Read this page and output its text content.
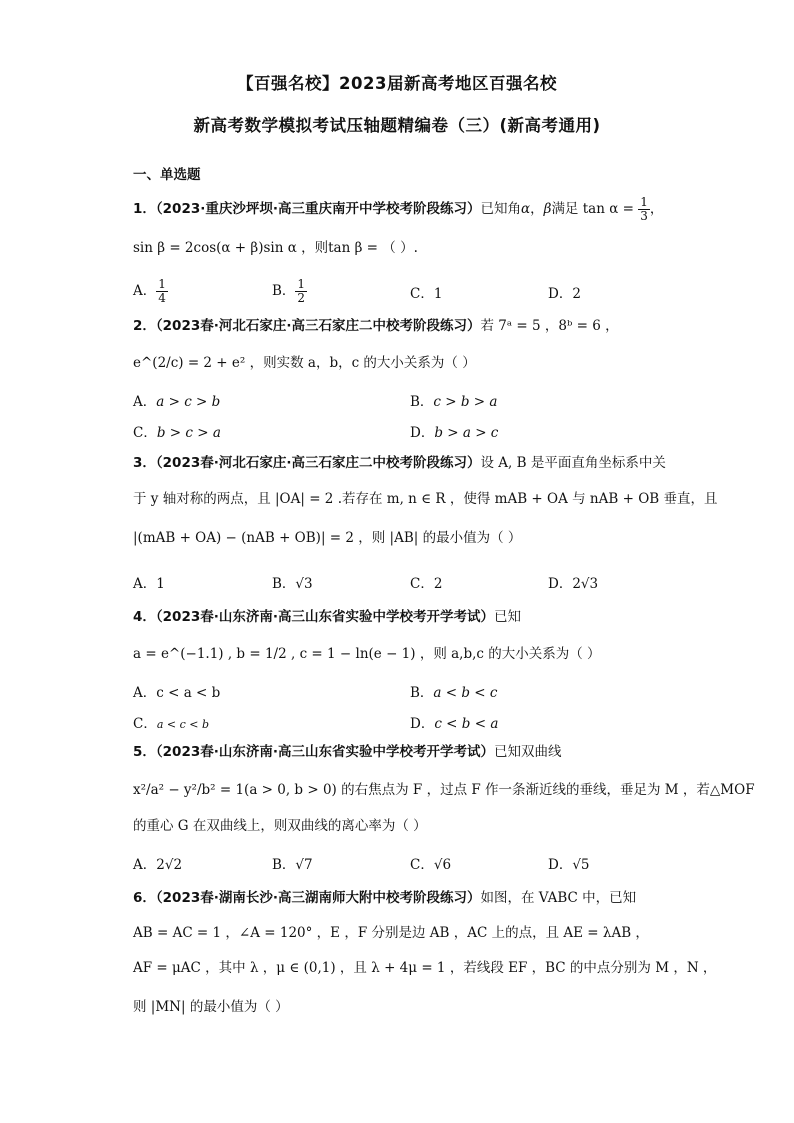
【百强名校】2023届新高考地区百强名校
新高考数学模拟考试压轴题精编卷（三）(新高考通用)
一、单选题
1．（2023·重庆沙坪坝·高三重庆南开中学校考阶段练习）已知角α，β满足 $\tan \alpha = \frac{1}{3}$ ，
sin β = 2cos(α + β)sin α ，则tan β = （ ）.
A． $\frac{1}{4}$	B． $\frac{1}{2}$	C．1	D．2
2．（2023春·河北石家庄·高三石家庄二中校考阶段练习）若 7ᵃ = 5 ，8ᵇ = 6 ，
e^(2/c) = 2 + e² ，则实数 a，b，c 的大小关系为（ ）
A．a > c > b	B．c > b > a
C．b > c > a	D．b > a > c
3．（2023春·河北石家庄·高三石家庄二中校考阶段练习）设 A, B 是平面直角坐标系中关
于 y 轴对称的两点，且 |OA| = 2 .若存在 m, n ∈ R ，使得 mAB + OA 与 nAB + OB 垂直，且
|(mAB + OA) − (nAB + OB)| = 2 ，则 |AB| 的最小值为（ ）
A．1	B．√3	C．2	D．2√3
4．（2023春·山东济南·高三山东省实验中学校考开学考试）已知
a = e^(−1.1) , b = 1/2 , c = 1 − ln(e − 1) ，则 a,b,c 的大小关系为（ ）
A．c < a < b	B．a < b < c
C．a < c < b	D．c < b < a
5．（2023春·山东济南·高三山东省实验中学校考开学考试）已知双曲线
x²/a² − y²/b² = 1(a > 0, b > 0) 的右焦点为 F ，过点 F 作一条渐近线的垂线，垂足为 M ，若△MOF
的重心 G 在双曲线上，则双曲线的离心率为（ ）
A．2√2	B．√7	C．√6	D．√5
6．（2023春·湖南长沙·高三湖南师大附中校考阶段练习）如图，在 VABC 中，已知
AB = AC = 1 ，∠A = 120° ，E ，F 分别是边 AB ，AC 上的点，且 AE = λAB ，
AF = μAC ，其中 λ ，μ ∈ (0,1) ，且 λ + 4μ = 1 ，若线段 EF ，BC 的中点分别为 M ，N ，
则 |MN| 的最小值为（ ）
